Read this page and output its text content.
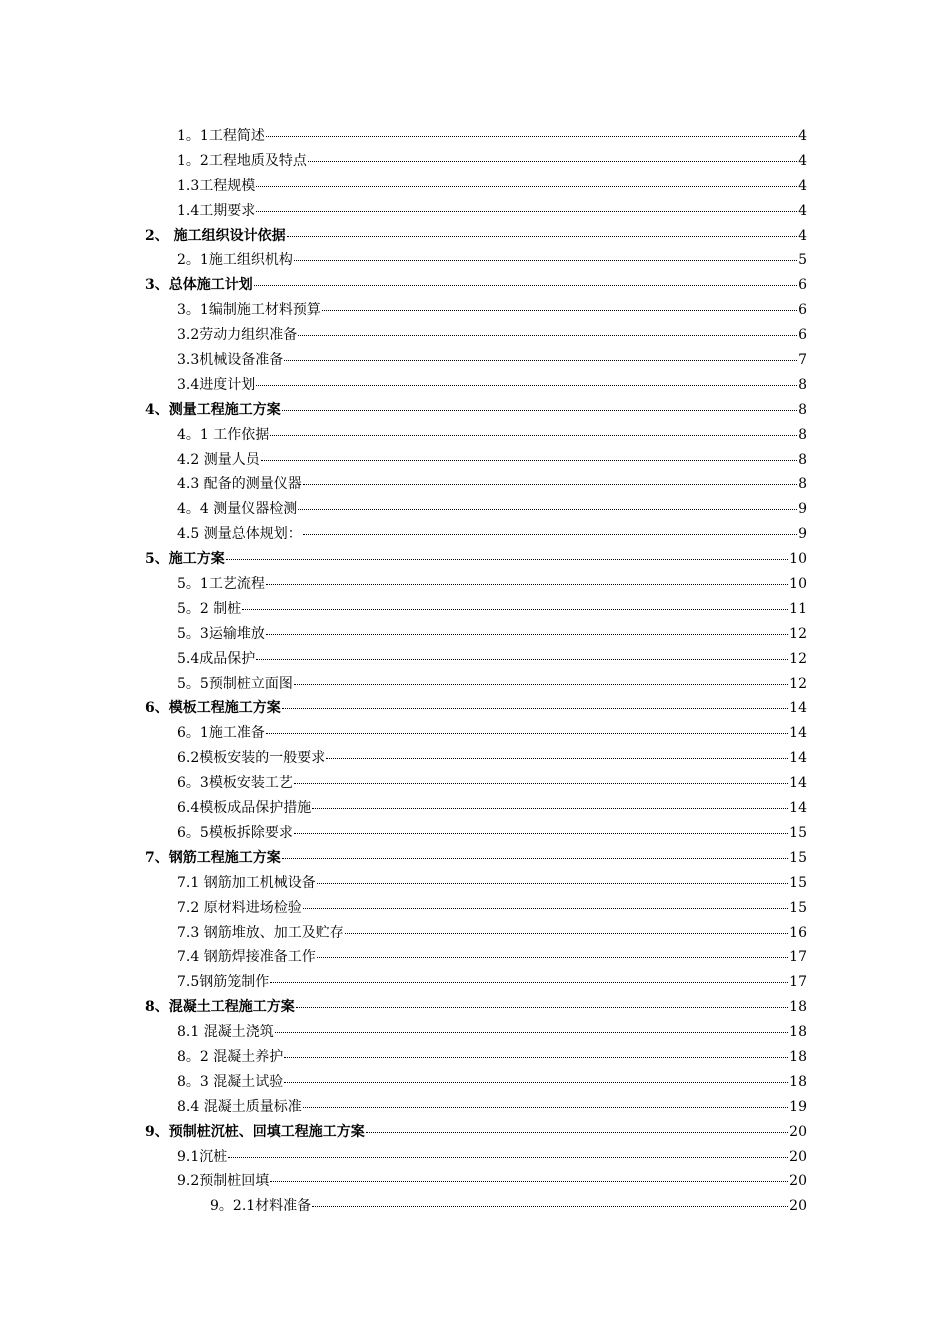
1。1工程简述	4
1。2工程地质及特点	4
1.3工程规模	4
1.4工期要求	4
2、 施工组织设计依据	4
2。1施工组织机构	5
3、总体施工计划	6
3。1编制施工材料预算	6
3.2劳动力组织准备	6
3.3机械设备准备	7
3.4进度计划	8
4、测量工程施工方案	8
4。1 工作依据	8
4.2 测量人员	8
4.3 配备的测量仪器	8
4。4 测量仪器检测	9
4.5 测量总体规划：	9
5、施工方案	10
5。1工艺流程	10
5。2 制桩	11
5。3运输堆放	12
5.4成品保护	12
5。5预制桩立面图	12
6、模板工程施工方案	14
6。1施工准备	14
6.2模板安装的一般要求	14
6。3模板安装工艺	14
6.4模板成品保护措施	14
6。5模板拆除要求	15
7、钢筋工程施工方案	15
7.1 钢筋加工机械设备	15
7.2 原材料进场检验	15
7.3 钢筋堆放、加工及贮存	16
7.4 钢筋焊接准备工作	17
7.5钢筋笼制作	17
8、混凝土工程施工方案	18
8.1 混凝土浇筑	18
8。2 混凝土养护	18
8。3 混凝土试验	18
8.4 混凝土质量标准	19
9、预制桩沉桩、回填工程施工方案	20
9.1沉桩	20
9.2预制桩回填	20
9。2.1材料准备	20
